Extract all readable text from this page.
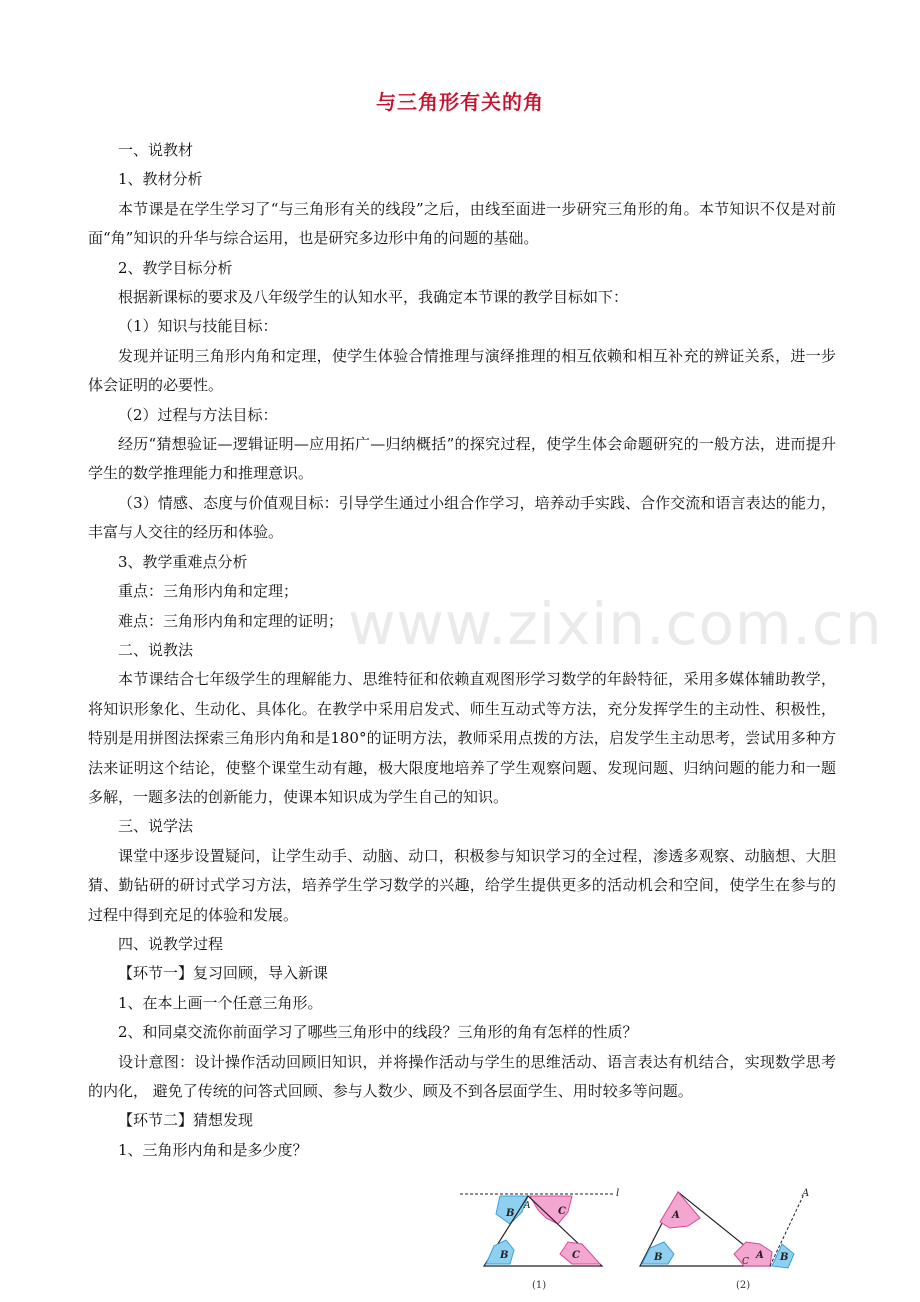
与三角形有关的角

一、说教材

1、教材分析

本节课是在学生学习了“与三角形有关的线段”之后，由线至面进一步研究三角形的角。本节知识不仅是对前面“角”知识的升华与综合运用，也是研究多边形中角的问题的基础。

2、教学目标分析

根据新课标的要求及八年级学生的认知水平，我确定本节课的教学目标如下：

（1）知识与技能目标：

发现并证明三角形内角和定理，使学生体验合情推理与演绎推理的相互依赖和相互补充的辨证关系，进一步体会证明的必要性。

（2）过程与方法目标：

经历“猜想验证—逻辑证明—应用拓广—归纳概括”的探究过程，使学生体会命题研究的一般方法，进而提升学生的数学推理能力和推理意识。

（3）情感、态度与价值观目标：引导学生通过小组合作学习，培养动手实践、合作交流和语言表达的能力，丰富与人交往的经历和体验。

3、教学重难点分析

重点：三角形内角和定理；

难点：三角形内角和定理的证明；

二、说教法

本节课结合七年级学生的理解能力、思维特征和依赖直观图形学习数学的年龄特征，采用多媒体辅助教学，将知识形象化、生动化、具体化。在教学中采用启发式、师生互动式等方法，充分发挥学生的主动性、积极性，特别是用拼图法探索三角形内角和是180°的证明方法，教师采用点拨的方法，启发学生主动思考，尝试用多种方法来证明这个结论，使整个课堂生动有趣，极大限度地培养了学生观察问题、发现问题、归纳问题的能力和一题多解，一题多法的创新能力，使课本知识成为学生自己的知识。

三、说学法

课堂中逐步设置疑问，让学生动手、动脑、动口，积极参与知识学习的全过程，渗透多观察、动脑想、大胆猜、勤钻研的研讨式学习方法，培养学生学习数学的兴趣，给学生提供更多的活动机会和空间，使学生在参与的过程中得到充足的体验和发展。

四、说教学过程

【环节一】复习回顾，导入新课

1、在本上画一个任意三角形。

2、和同桌交流你前面学习了哪些三角形中的线段？三角形的角有怎样的性质？

设计意图：设计操作活动回顾旧知识，并将操作活动与学生的思维活动、语言表达有机结合，实现数学思考的内化， 避免了传统的问答式回顾、参与人数少、顾及不到各层面学生、用时较多等问题。

【环节二】猜想发现

1、三角形内角和是多少度？

www.zixin.com.cn
B	C
A
B	C
l
A
B	C
A B
A
(1)	(2)
